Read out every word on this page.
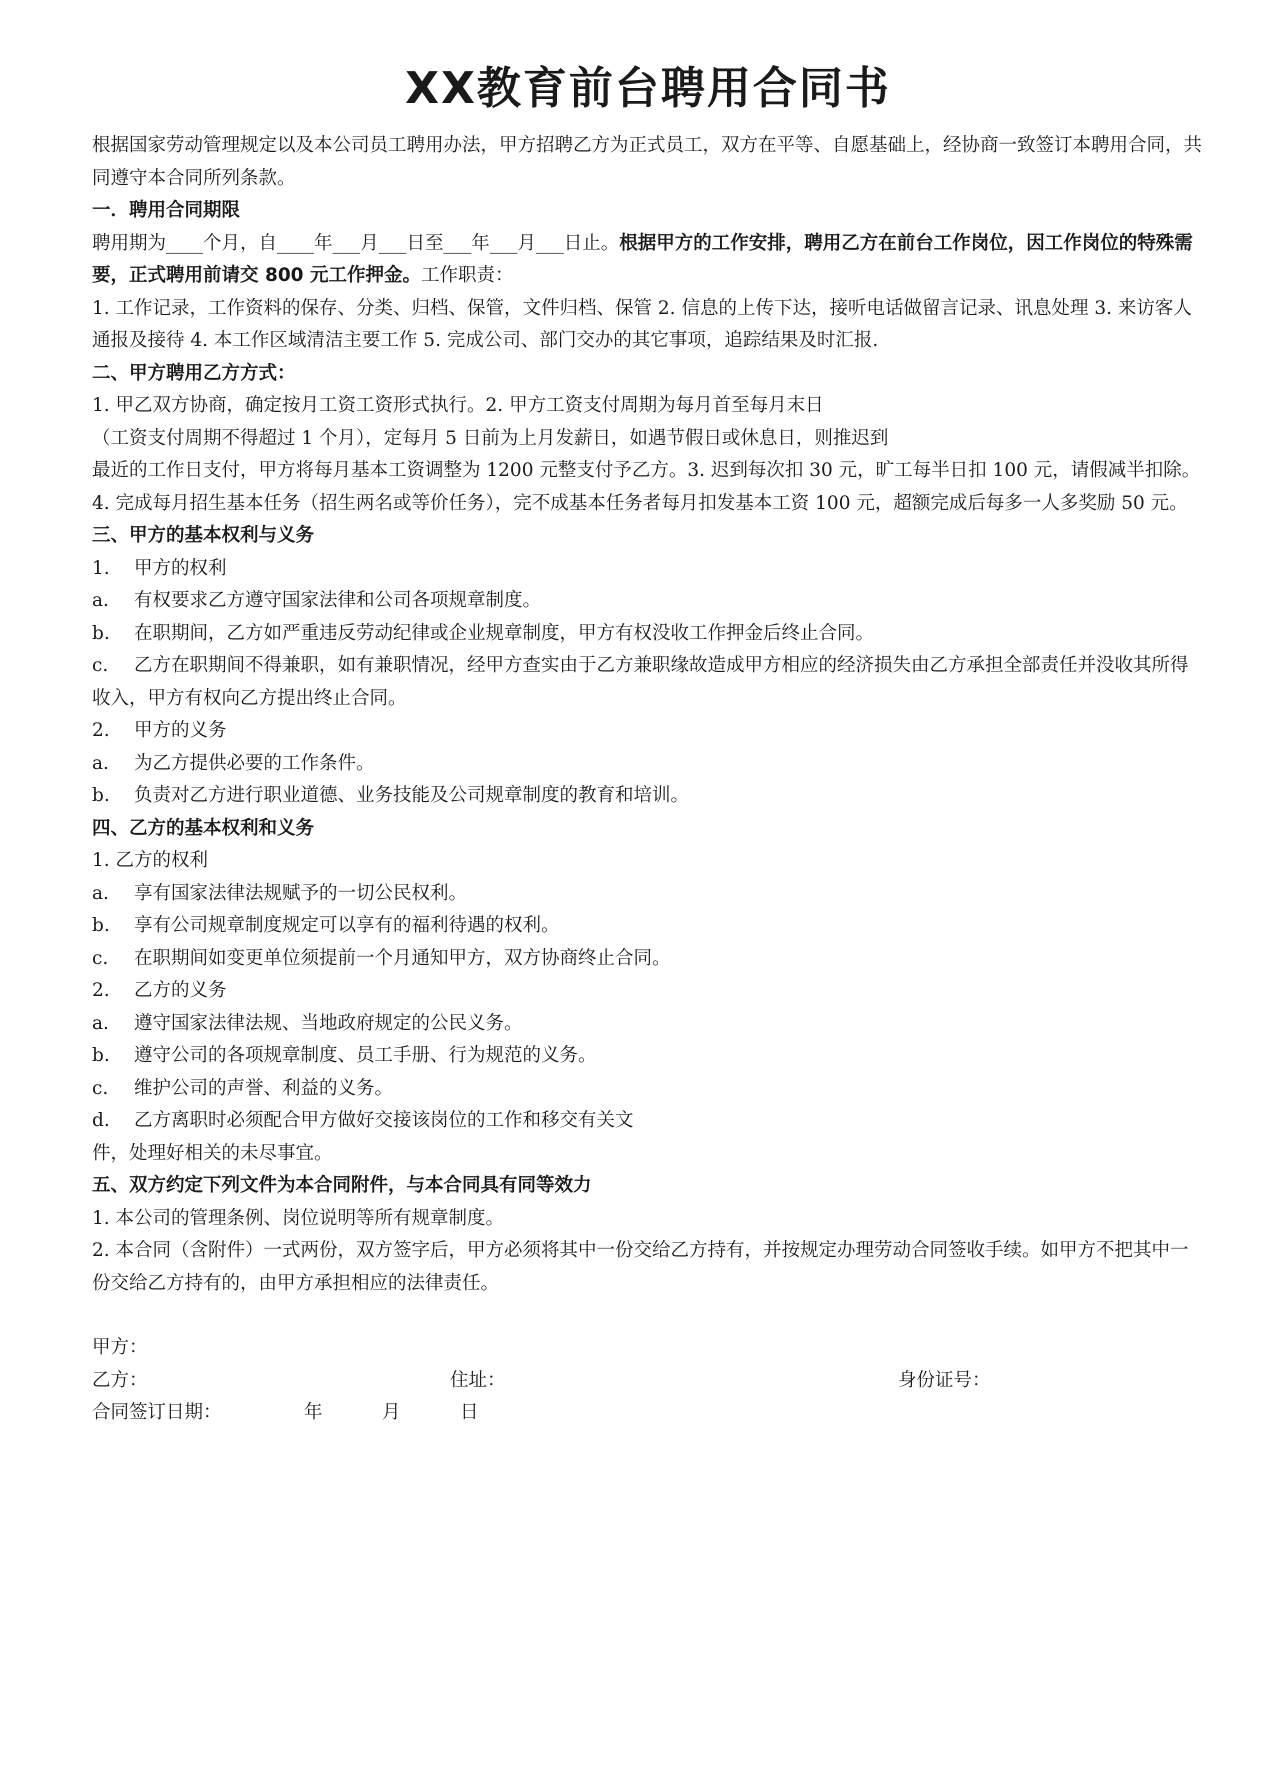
XX教育前台聘用合同书

根据国家劳动管理规定以及本公司员工聘用办法，甲方招聘乙方为正式员工，双方在平等、自愿基础上，经协商一致签订本聘用合同，共同遵守本合同所列条款。

一．聘用合同期限

聘用期为____个月，自____年___月___日至___年___月___日止。根据甲方的工作安排，聘用乙方在前台工作岗位，因工作岗位的特殊需要，正式聘用前请交 800 元工作押金。工作职责：

1. 工作记录，工作资料的保存、分类、归档、保管，文件归档、保管 2. 信息的上传下达，接听电话做留言记录、讯息处理 3. 来访客人通报及接待 4. 本工作区域清洁主要工作 5. 完成公司、部门交办的其它事项，追踪结果及时汇报.

二、甲方聘用乙方方式：

1. 甲乙双方协商，确定按月工资工资形式执行。2. 甲方工资支付周期为每月首至每月末日

（工资支付周期不得超过 1 个月），定每月 5 日前为上月发薪日，如遇节假日或休息日，则推迟到

最近的工作日支付，甲方将每月基本工资调整为 1200 元整支付予乙方。3. 迟到每次扣 30 元，旷工每半日扣 100 元，请假减半扣除。4. 完成每月招生基本任务（招生两名或等价任务），完不成基本任务者每月扣发基本工资 100 元，超额完成后每多一人多奖励 50 元。

三、甲方的基本权利与义务

1. 甲方的权利

a. 有权要求乙方遵守国家法律和公司各项规章制度。

b. 在职期间，乙方如严重违反劳动纪律或企业规章制度，甲方有权没收工作押金后终止合同。

c. 乙方在职期间不得兼职，如有兼职情况，经甲方查实由于乙方兼职缘故造成甲方相应的经济损失由乙方承担全部责任并没收其所得收入，甲方有权向乙方提出终止合同。

2. 甲方的义务

a. 为乙方提供必要的工作条件。

b. 负责对乙方进行职业道德、业务技能及公司规章制度的教育和培训。

四、乙方的基本权利和义务

1. 乙方的权利

a. 享有国家法律法规赋予的一切公民权利。

b. 享有公司规章制度规定可以享有的福利待遇的权利。

c. 在职期间如变更单位须提前一个月通知甲方，双方协商终止合同。

2. 乙方的义务

a. 遵守国家法律法规、当地政府规定的公民义务。

b. 遵守公司的各项规章制度、员工手册、行为规范的义务。

c. 维护公司的声誉、利益的义务。

d. 乙方离职时必须配合甲方做好交接该岗位的工作和移交有关文

件，处理好相关的未尽事宜。

五、双方约定下列文件为本合同附件，与本合同具有同等效力

1. 本公司的管理条例、岗位说明等所有规章制度。

2. 本合同（含附件）一式两份，双方签字后，甲方必须将其中一份交给乙方持有，并按规定办理劳动合同签收手续。如甲方不把其中一份交给乙方持有的，由甲方承担相应的法律责任。

甲方：

乙方：	住址：	身份证号：
合同签订日期：	年	月	日
